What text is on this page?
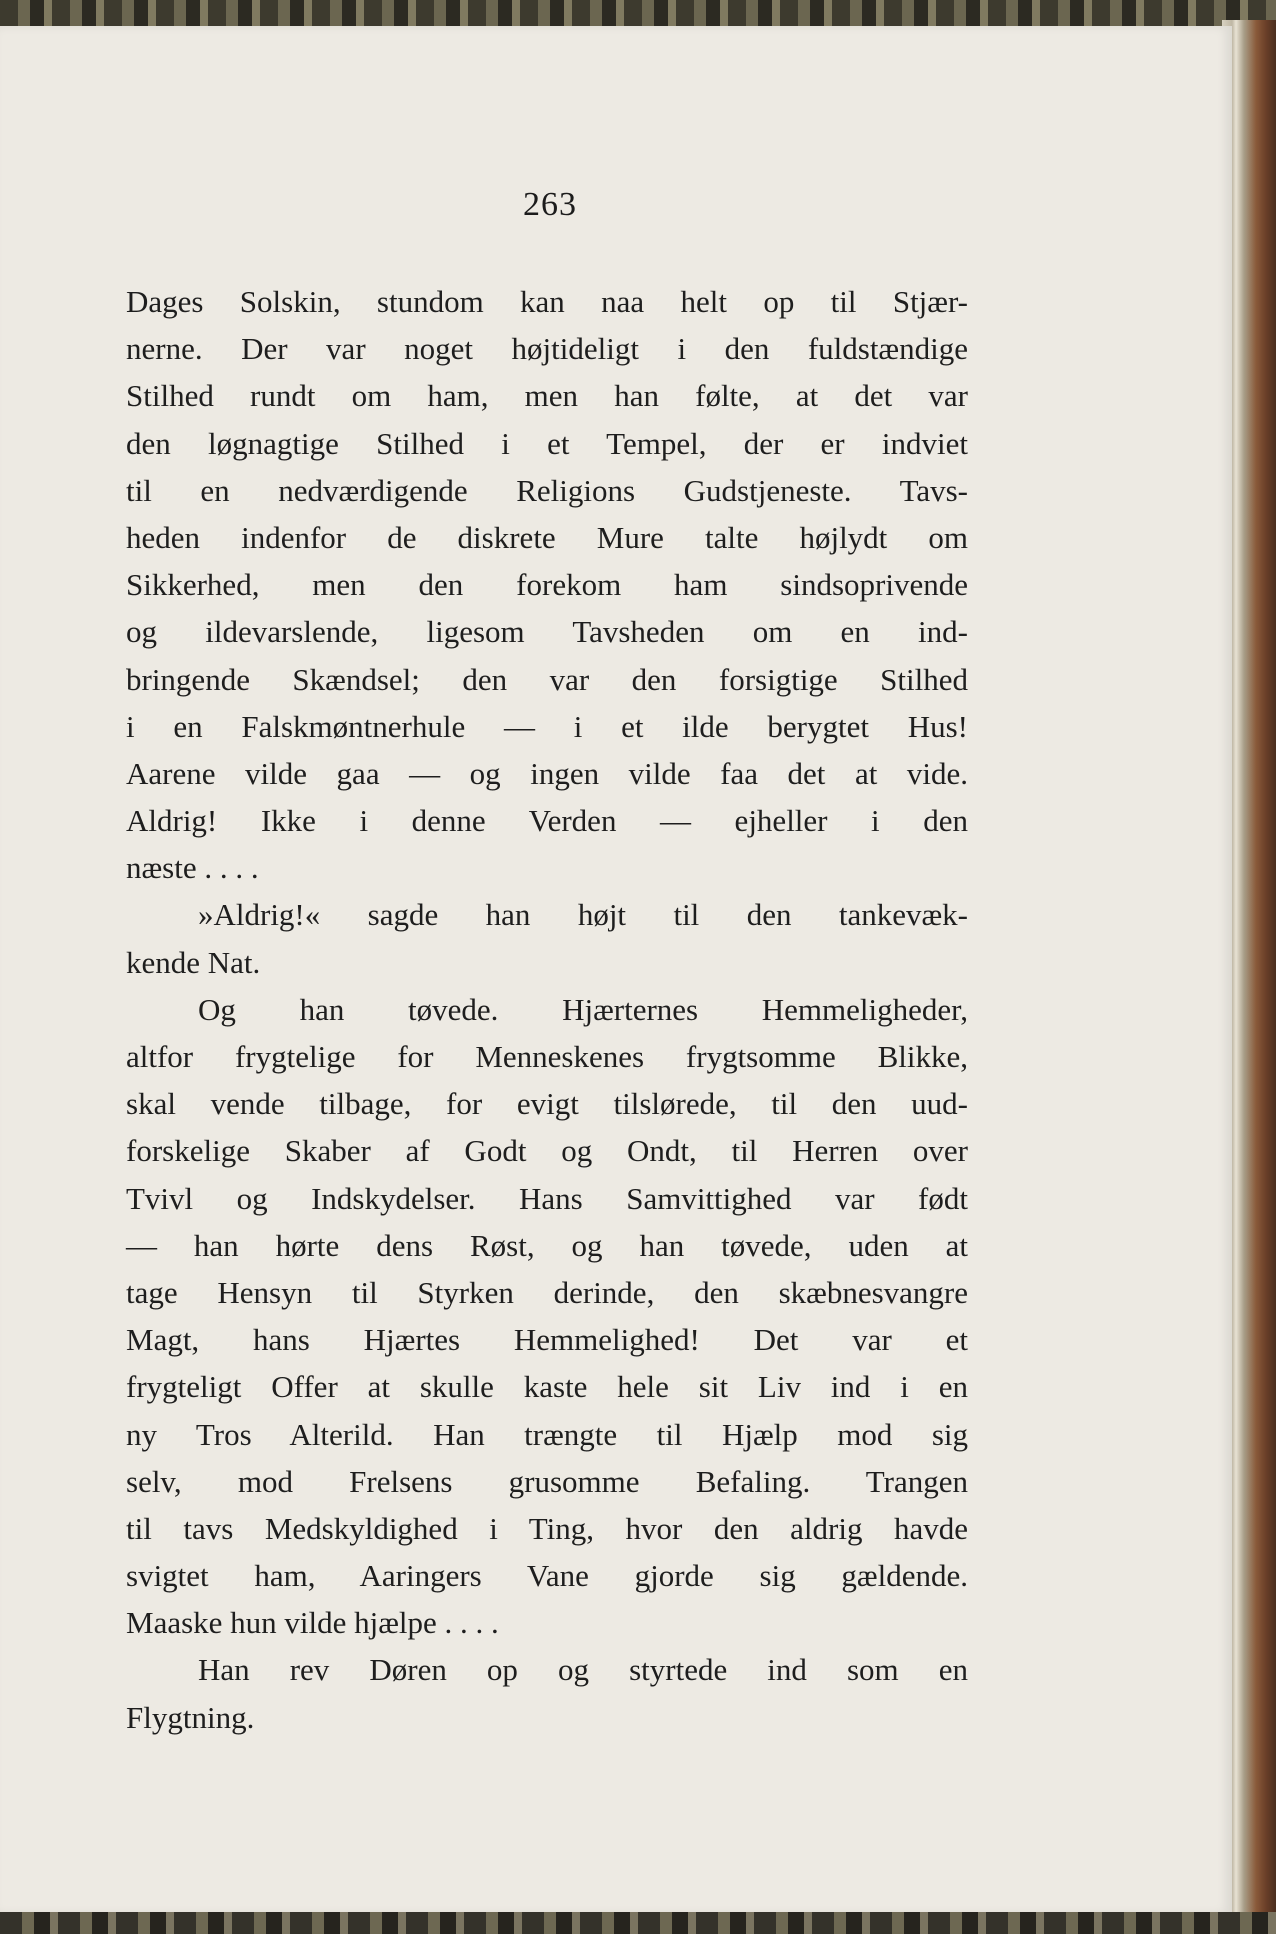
263
Dages Solskin, stundom kan naa helt op til Stjær-
nerne. Der var noget højtideligt i den fuldstændige
Stilhed rundt om ham, men han følte, at det var
den løgnagtige Stilhed i et Tempel, der er indviet
til en nedværdigende Religions Gudstjeneste. Tavs-
heden indenfor de diskrete Mure talte højlydt om
Sikkerhed, men den forekom ham sindsoprivende
og ildevarslende, ligesom Tavsheden om en ind-
bringende Skændsel; den var den forsigtige Stilhed
i en Falskmøntnerhule — i et ilde berygtet Hus!
Aarene vilde gaa — og ingen vilde faa det at vide.
Aldrig! Ikke i denne Verden — ejheller i den
næste . . . .
»Aldrig!« sagde han højt til den tankevæk-
kende Nat.
Og han tøvede. Hjærternes Hemmeligheder,
altfor frygtelige for Menneskenes frygtsomme Blikke,
skal vende tilbage, for evigt tilslørede, til den uud-
forskelige Skaber af Godt og Ondt, til Herren over
Tvivl og Indskydelser. Hans Samvittighed var født
— han hørte dens Røst, og han tøvede, uden at
tage Hensyn til Styrken derinde, den skæbnesvangre
Magt, hans Hjærtes Hemmelighed! Det var et
frygteligt Offer at skulle kaste hele sit Liv ind i en
ny Tros Alterild. Han trængte til Hjælp mod sig
selv, mod Frelsens grusomme Befaling. Trangen
til tavs Medskyldighed i Ting, hvor den aldrig havde
svigtet ham, Aaringers Vane gjorde sig gældende.
Maaske hun vilde hjælpe . . . .
Han rev Døren op og styrtede ind som en
Flygtning.
